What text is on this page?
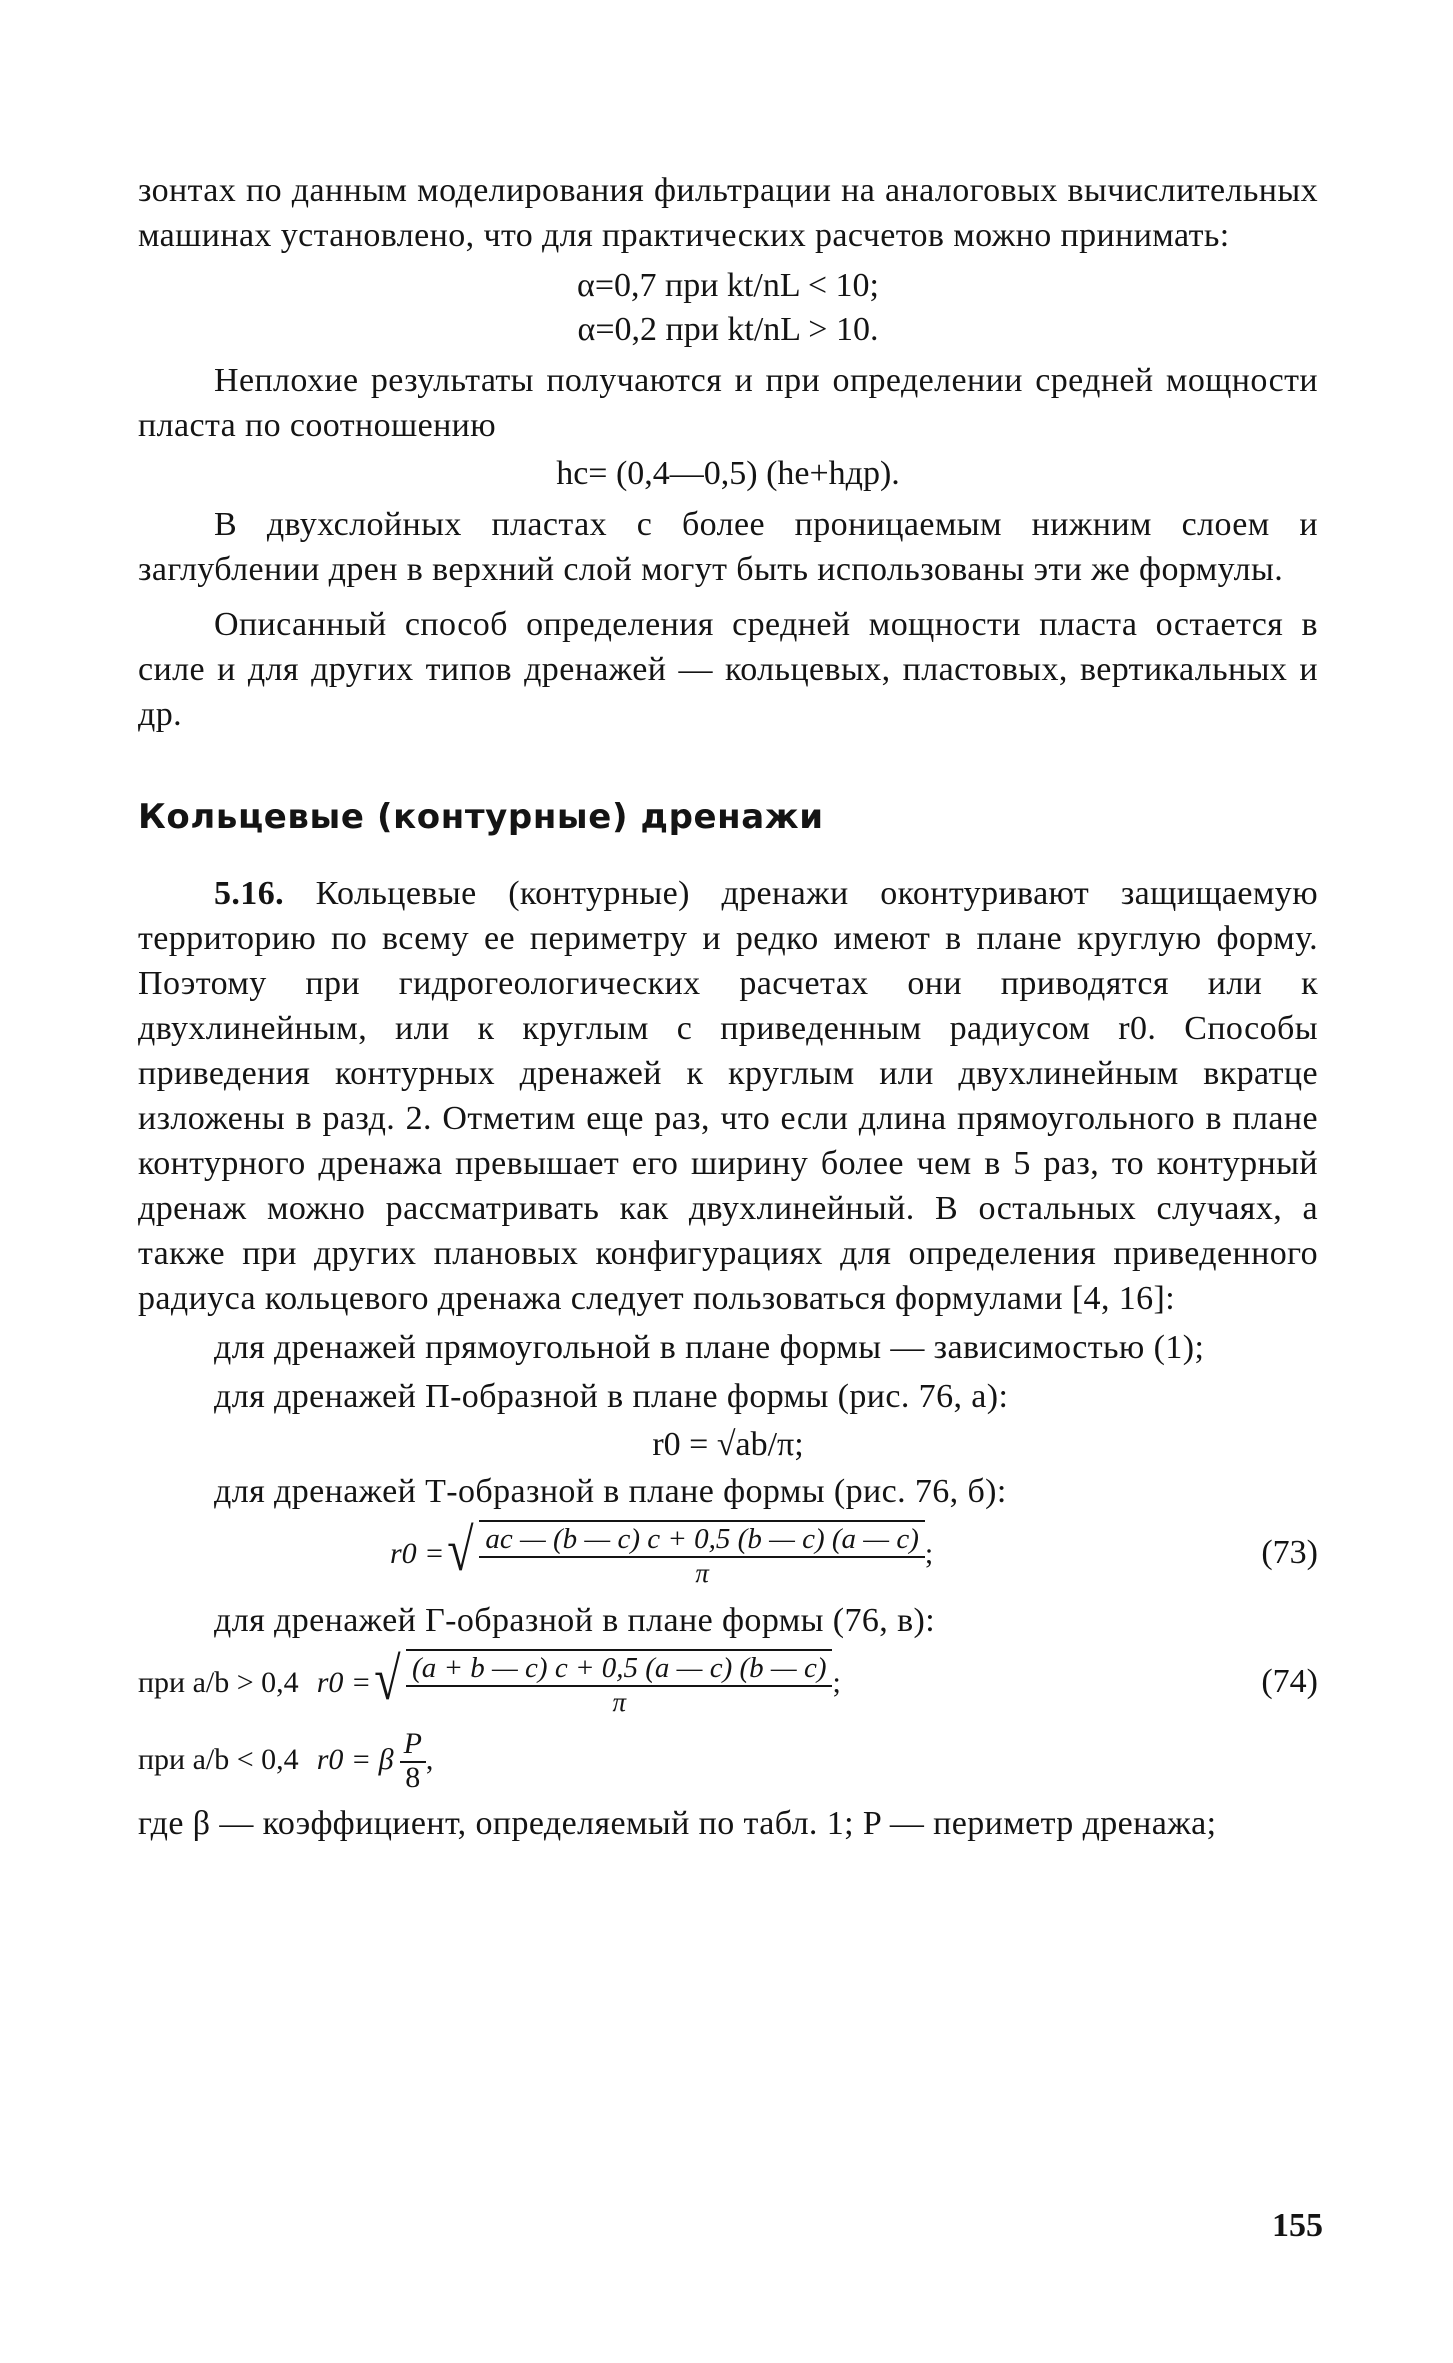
зонтах по данным моделирования фильтрации на аналоговых вычислительных машинах установлено, что для практических расчетов можно принимать:

α=0,7 при kt/nL < 10;

α=0,2 при kt/nL > 10.

Неплохие результаты получаются и при определении средней мощности пласта по соотношению

hc= (0,4—0,5) (he+hдр).

В двухслойных пластах с более проницаемым нижним слоем и заглублении дрен в верхний слой могут быть использованы эти же формулы.

Описанный способ определения средней мощности пласта остается в силе и для других типов дренажей — кольцевых, пластовых, вертикальных и др.

Кольцевые (контурные) дренажи

5.16. Кольцевые (контурные) дренажи оконтуривают защищаемую территорию по всему ее периметру и редко имеют в плане круглую форму. Поэтому при гидрогеологических расчетах они приводятся или к двухлинейным, или к круглым с приведенным радиусом r0. Способы приведения контурных дренажей к круглым или двухлинейным вкратце изложены в разд. 2. Отметим еще раз, что если длина прямоугольного в плане контурного дренажа превышает его ширину более чем в 5 раз, то контурный дренаж можно рассматривать как двухлинейный. В остальных случаях, а также при других плановых конфигурациях для определения приведенного радиуса кольцевого дренажа следует пользоваться формулами [4, 16]:

для дренажей прямоугольной в плане формы — зависимостью (1);

для дренажей П-образной в плане формы (рис. 76, а):

r0 = √ab/π;

для дренажей Т-образной в плане формы (рис. 76, б):

r0 = √ $\frac{ac — (b — c) c + 0,5 (b — c) (a — c)}{\pi}$ ;	(73)

для дренажей Г-образной в плане формы (76, в):

при a/b > 0,4 r0 = √ $\frac{(a + b — c) c + 0,5 (a — c) (b — c)}{\pi}$ ;	(74)
при a/b < 0,4 r0 = β $\frac{P}{8}$ ,

где β — коэффициент, определяемый по табл. 1; P — периметр дренажа;

155
